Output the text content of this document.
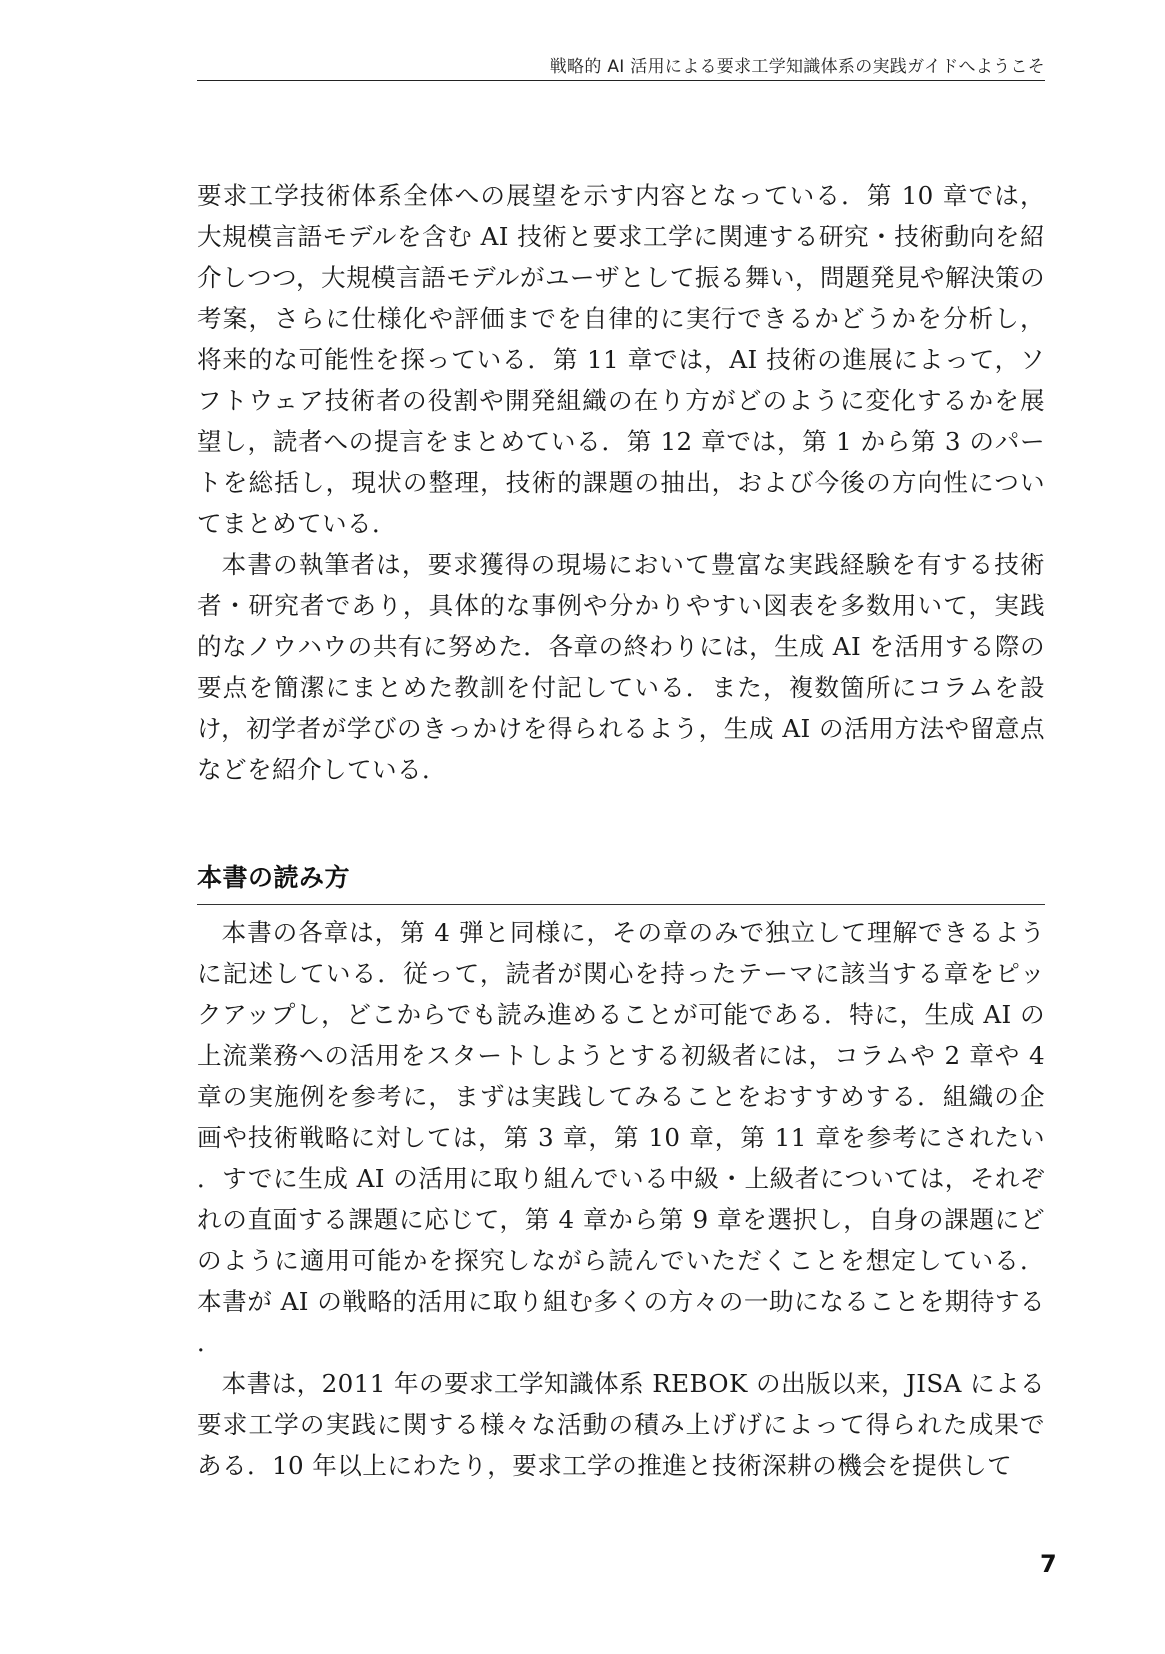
戦略的 AI 活用による要求工学知識体系の実践ガイドへようこそ

要求工学技術体系全体への展望を示す内容となっている．第 10 章では，大規模言語モデルを含む AI 技術と要求工学に関連する研究・技術動向を紹介しつつ，大規模言語モデルがユーザとして振る舞い，問題発見や解決策の考案，さらに仕様化や評価までを自律的に実行できるかどうかを分析し，将来的な可能性を探っている．第 11 章では，AI 技術の進展によって，ソフトウェア技術者の役割や開発組織の在り方がどのように変化するかを展望し，読者への提言をまとめている．第 12 章では，第 1 から第 3 のパートを総括し，現状の整理，技術的課題の抽出，および今後の方向性についてまとめている．

本書の執筆者は，要求獲得の現場において豊富な実践経験を有する技術者・研究者であり，具体的な事例や分かりやすい図表を多数用いて，実践的なノウハウの共有に努めた．各章の終わりには，生成 AI を活用する際の要点を簡潔にまとめた教訓を付記している．また，複数箇所にコラムを設け，初学者が学びのきっかけを得られるよう，生成 AI の活用方法や留意点などを紹介している．

本書の読み方

本書の各章は，第 4 弾と同様に，その章のみで独立して理解できるように記述している．従って，読者が関心を持ったテーマに該当する章をピックアップし，どこからでも読み進めることが可能である．特に，生成 AI の上流業務への活用をスタートしようとする初級者には，コラムや 2 章や 4 章の実施例を参考に，まずは実践してみることをおすすめする．組織の企画や技術戦略に対しては，第 3 章，第 10 章，第 11 章を参考にされたい．すでに生成 AI の活用に取り組んでいる中級・上級者については，それぞれの直面する課題に応じて，第 4 章から第 9 章を選択し，自身の課題にどのように適用可能かを探究しながら読んでいただくことを想定している．本書が AI の戦略的活用に取り組む多くの方々の一助になることを期待する．

本書は，2011 年の要求工学知識体系 REBOK の出版以来，JISA による要求工学の実践に関する様々な活動の積み上げげによって得られた成果である．10 年以上にわたり，要求工学の推進と技術深耕の機会を提供して

7
